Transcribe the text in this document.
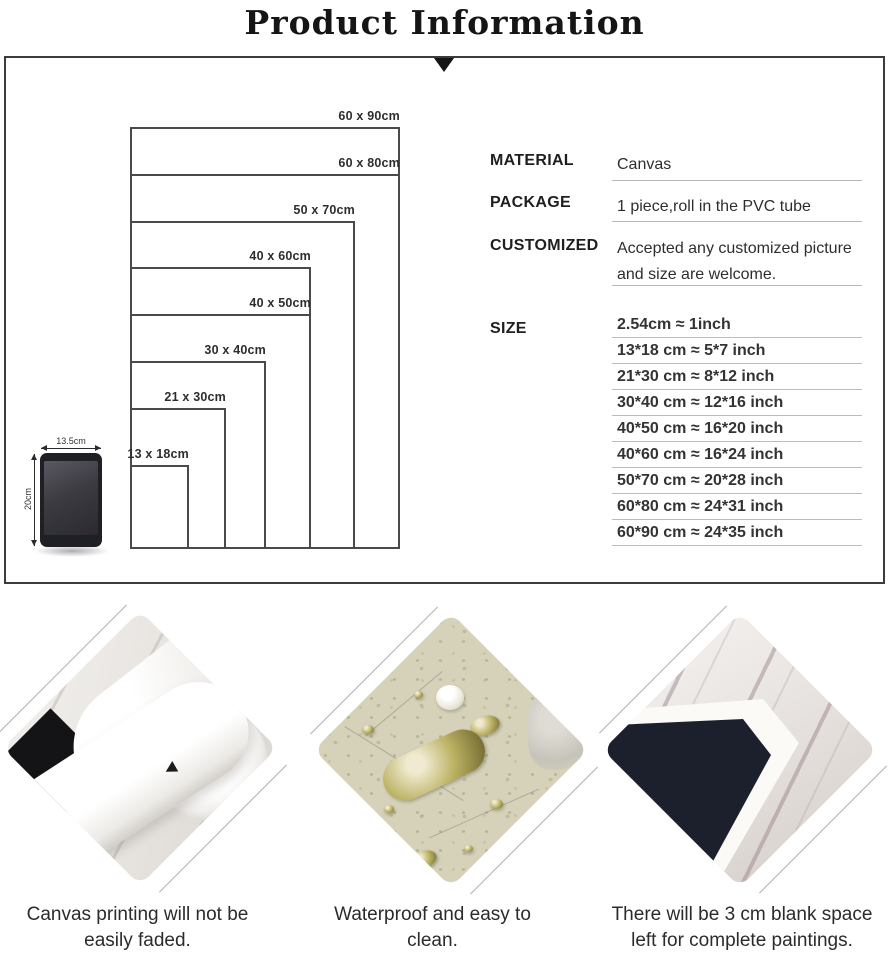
Product Information
60 x 90cm
60 x 80cm
50 x 70cm
40 x 60cm
40 x 50cm
30 x 40cm
21 x 30cm
13 x 18cm
13.5cm
20cm
MATERIAL	Canvas
PACKAGE	1 piece,roll in the PVC tube
CUSTOMIZED Accepted any customized picture and size are welcome.
SIZE	2.54cm ≈ 1inch
13*18 cm ≈ 5*7 inch
21*30 cm ≈ 8*12 inch
30*40 cm ≈ 12*16 inch
40*50 cm ≈ 16*20 inch
40*60 cm ≈ 16*24 inch
50*70 cm ≈ 20*28 inch
60*80 cm ≈ 24*31 inch
60*90 cm ≈ 24*35 inch
Canvas printing will not be easily faded.
Waterproof and easy to clean.
There will be 3 cm blank space left for complete paintings.
